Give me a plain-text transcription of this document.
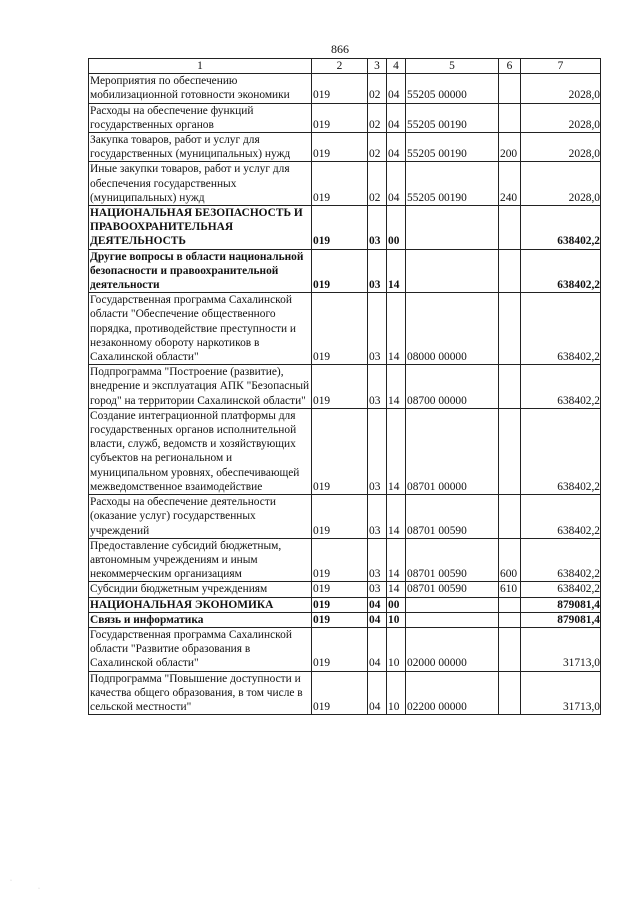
866
1	2	3	4	5	6	7
Мероприятия по обеспечению мобилизационной готовности экономики	019	02	04	55205 00000		2028,0
Расходы на обеспечение функций государственных органов	019	02	04	55205 00190		2028,0
Закупка товаров, работ и услуг для государственных (муниципальных) нужд	019	02	04	55205 00190	200	2028,0
Иные закупки товаров, работ и услуг для обеспечения государственных (муниципальных) нужд	019	02	04	55205 00190	240	2028,0
НАЦИОНАЛЬНАЯ БЕЗОПАСНОСТЬ И ПРАВООХРАНИТЕЛЬНАЯ ДЕЯТЕЛЬНОСТЬ	019	03	00			638402,2
Другие вопросы в области национальной безопасности и правоохранительной деятельности	019	03	14			638402,2
Государственная программа Сахалинской области "Обеспечение общественного порядка, противодействие преступности и незаконному обороту наркотиков в Сахалинской области"	019	03	14	08000 00000		638402,2
Подпрограмма "Построение (развитие), внедрение и эксплуатация АПК "Безопасный город" на территории Сахалинской области"	019	03	14	08700 00000		638402,2
Создание интеграционной платформы для государственных органов исполнительной власти, служб, ведомств и хозяйствующих субъектов на региональном и муниципальном уровнях, обеспечивающей межведомственное взаимодействие	019	03	14	08701 00000		638402,2
Расходы на обеспечение деятельности (оказание услуг) государственных учреждений	019	03	14	08701 00590		638402,2
Предоставление субсидий бюджетным, автономным учреждениям и иным некоммерческим организациям	019	03	14	08701 00590	600	638402,2
Субсидии бюджетным учреждениям	019	03	14	08701 00590	610	638402,2
НАЦИОНАЛЬНАЯ ЭКОНОМИКА	019	04	00			879081,4
Связь и информатика	019	04	10			879081,4
Государственная программа Сахалинской области "Развитие образования в Сахалинской области"	019	04	10	02000 00000		31713,0
Подпрограмма "Повышение доступности и качества общего образования, в том числе в сельской местности"	019	04	10	02200 00000		31713,0
·
·
